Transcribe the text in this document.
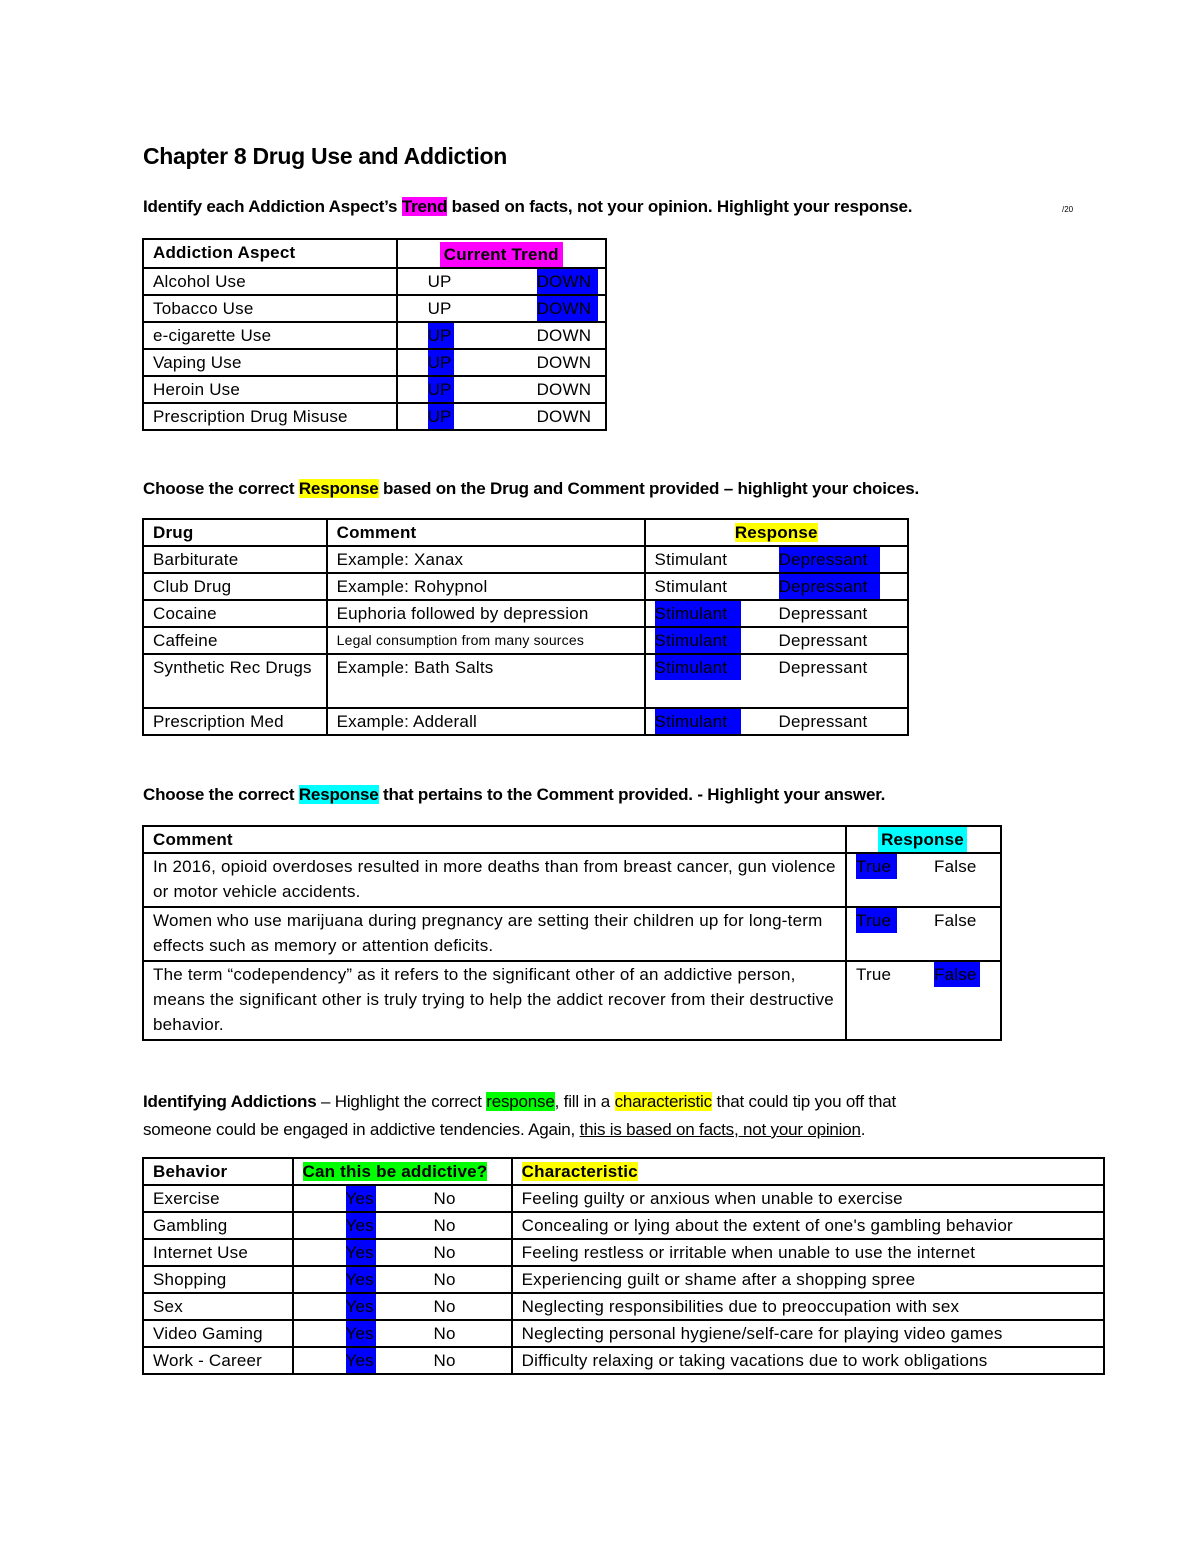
Chapter 8 Drug Use and Addiction
Identify each Addiction Aspect’s Trend based on facts, not your opinion. Highlight your response.	/20
Addiction Aspect	Current Trend

Alcohol Use	UP DOWN
Tobacco Use	UP DOWN
e-cigarette Use	UP DOWN
Vaping Use	UP DOWN
Heroin Use	UP DOWN
Prescription Drug Misuse	UP DOWN
Choose the correct Response based on the Drug and Comment provided – highlight your choices.
Drug	Comment	Response
Barbiturate	Example: Xanax	Stimulant Depressant
Club Drug	Example: Rohypnol	Stimulant Depressant
Cocaine	Euphoria followed by depression	Stimulant Depressant
Caffeine	Legal consumption from many sources	Stimulant Depressant
Synthetic Rec Drugs	Example: Bath Salts	Stimulant Depressant
Prescription Med	Example: Adderall	Stimulant Depressant
Choose the correct Response that pertains to the Comment provided. - Highlight your answer.
Comment	Response

In 2016, opioid overdoses resulted in more deaths than from breast cancer, gun violence or motor vehicle accidents.	True False
Women who use marijuana during pregnancy are setting their children up for long-term effects such as memory or attention deficits.	True False
The term “codependency” as it refers to the significant other of an addictive person, means the significant other is truly trying to help the addict recover from their destructive behavior.	True False
Identifying Addictions – Highlight the correct response, fill in a characteristic that could tip you off that
someone could be engaged in addictive tendencies. Again, this is based on facts, not your opinion.
Behavior	Can this be addictive?	Characteristic
Exercise	Yes No	Feeling guilty or anxious when unable to exercise
Gambling	Yes No	Concealing or lying about the extent of one's gambling behavior
Internet Use	Yes No	Feeling restless or irritable when unable to use the internet
Shopping	Yes No	Experiencing guilt or shame after a shopping spree
Sex	Yes No	Neglecting responsibilities due to preoccupation with sex
Video Gaming	Yes No	Neglecting personal hygiene/self-care for playing video games
Work - Career	Yes No	Difficulty relaxing or taking vacations due to work obligations
